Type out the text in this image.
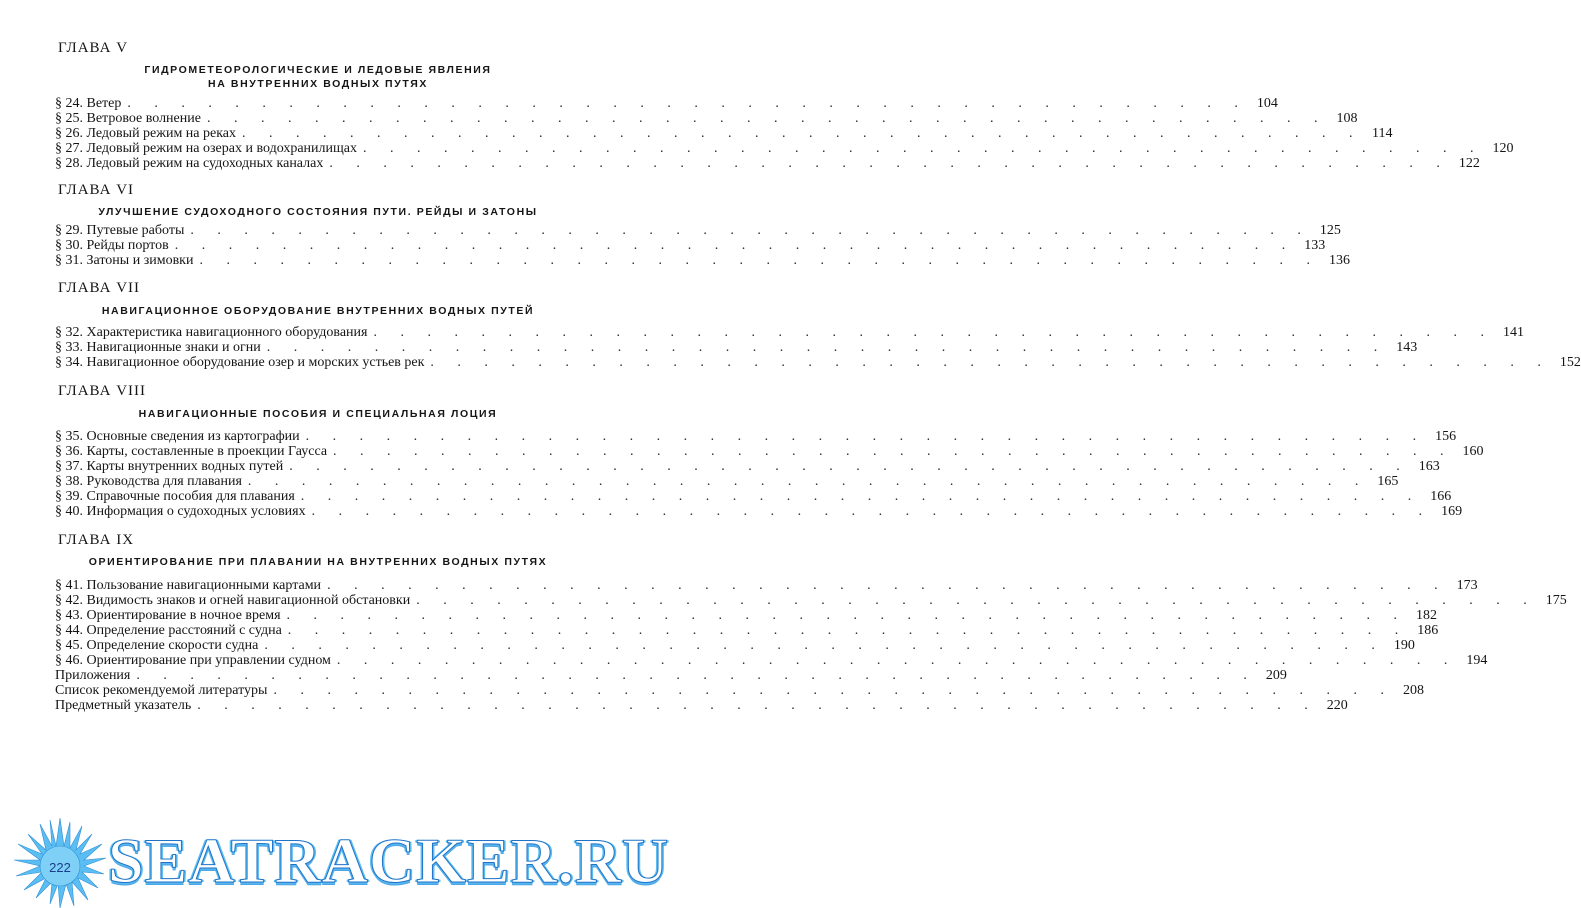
ГЛАВА V
ГИДРОМЕТЕОРОЛОГИЧЕСКИЕ И ЛЕДОВЫЕ ЯВЛЕНИЯ
НА ВНУТРЕННИХ ВОДНЫХ ПУТЯХ
§ 24. Ветер . . . . . . . . . . . . . . . . . . . . . . . . . . . . . . . . . . . . . . . . . . 104
§ 25. Ветровое волнение . . . . . . . . . . . . . . . . . . . . . . . . . . . . . . . . . . . . . . . . . . 108
§ 26. Ледовый режим на реках . . . . . . . . . . . . . . . . . . . . . . . . . . . . . . . . . . . . . . . . . . 114
§ 27. Ледовый режим на озерах и водохранилищах . . . . . . . . . . . . . . . . . . . . . . . . . . . . . . . . . . . . . . . . . . 120
§ 28. Ледовый режим на судоходных каналах . . . . . . . . . . . . . . . . . . . . . . . . . . . . . . . . . . . . . . . . . . 122
ГЛАВА VI
УЛУЧШЕНИЕ СУДОХОДНОГО СОСТОЯНИЯ ПУТИ. РЕЙДЫ И ЗАТОНЫ
§ 29. Путевые работы . . . . . . . . . . . . . . . . . . . . . . . . . . . . . . . . . . . . . . . . . . 125
§ 30. Рейды портов . . . . . . . . . . . . . . . . . . . . . . . . . . . . . . . . . . . . . . . . . . 133
§ 31. Затоны и зимовки . . . . . . . . . . . . . . . . . . . . . . . . . . . . . . . . . . . . . . . . . . 136
ГЛАВА VII
НАВИГАЦИОННОЕ ОБОРУДОВАНИЕ ВНУТРЕННИХ ВОДНЫХ ПУТЕЙ
§ 32. Характеристика навигационного оборудования . . . . . . . . . . . . . . . . . . . . . . . . . . . . . . . . . . . . . . . . . . 141
§ 33. Навигационные знаки и огни . . . . . . . . . . . . . . . . . . . . . . . . . . . . . . . . . . . . . . . . . . 143
§ 34. Навигационное оборудование озер и морских устьев рек . . . . . . . . . . . . . . . . . . . . . . . . . . . . . . . . . . . . . . . . . . 152
ГЛАВА VIII
НАВИГАЦИОННЫЕ ПОСОБИЯ И СПЕЦИАЛЬНАЯ ЛОЦИЯ
§ 35. Основные сведения из картографии . . . . . . . . . . . . . . . . . . . . . . . . . . . . . . . . . . . . . . . . . . 156
§ 36. Карты, составленные в проекции Гаусса . . . . . . . . . . . . . . . . . . . . . . . . . . . . . . . . . . . . . . . . . . 160
§ 37. Карты внутренних водных путей . . . . . . . . . . . . . . . . . . . . . . . . . . . . . . . . . . . . . . . . . . 163
§ 38. Руководства для плавания . . . . . . . . . . . . . . . . . . . . . . . . . . . . . . . . . . . . . . . . . . 165
§ 39. Справочные пособия для плавания . . . . . . . . . . . . . . . . . . . . . . . . . . . . . . . . . . . . . . . . . . 166
§ 40. Информация о судоходных условиях . . . . . . . . . . . . . . . . . . . . . . . . . . . . . . . . . . . . . . . . . . 169
ГЛАВА IX
ОРИЕНТИРОВАНИЕ ПРИ ПЛАВАНИИ НА ВНУТРЕННИХ ВОДНЫХ ПУТЯХ
§ 41. Пользование навигационными картами . . . . . . . . . . . . . . . . . . . . . . . . . . . . . . . . . . . . . . . . . . 173
§ 42. Видимость знаков и огней навигационной обстановки . . . . . . . . . . . . . . . . . . . . . . . . . . . . . . . . . . . . . . . . . . 175
§ 43. Ориентирование в ночное время . . . . . . . . . . . . . . . . . . . . . . . . . . . . . . . . . . . . . . . . . . 182
§ 44. Определение расстояний с судна . . . . . . . . . . . . . . . . . . . . . . . . . . . . . . . . . . . . . . . . . . 186
§ 45. Определение скорости судна . . . . . . . . . . . . . . . . . . . . . . . . . . . . . . . . . . . . . . . . . . 190
§ 46. Ориентирование при управлении судном . . . . . . . . . . . . . . . . . . . . . . . . . . . . . . . . . . . . . . . . . . 194
Приложения . . . . . . . . . . . . . . . . . . . . . . . . . . . . . . . . . . . . . . . . . . 209
Список рекомендуемой литературы . . . . . . . . . . . . . . . . . . . . . . . . . . . . . . . . . . . . . . . . . . 208
Предметный указатель . . . . . . . . . . . . . . . . . . . . . . . . . . . . . . . . . . . . . . . . . . 220
222 SEATRACKER.RU
